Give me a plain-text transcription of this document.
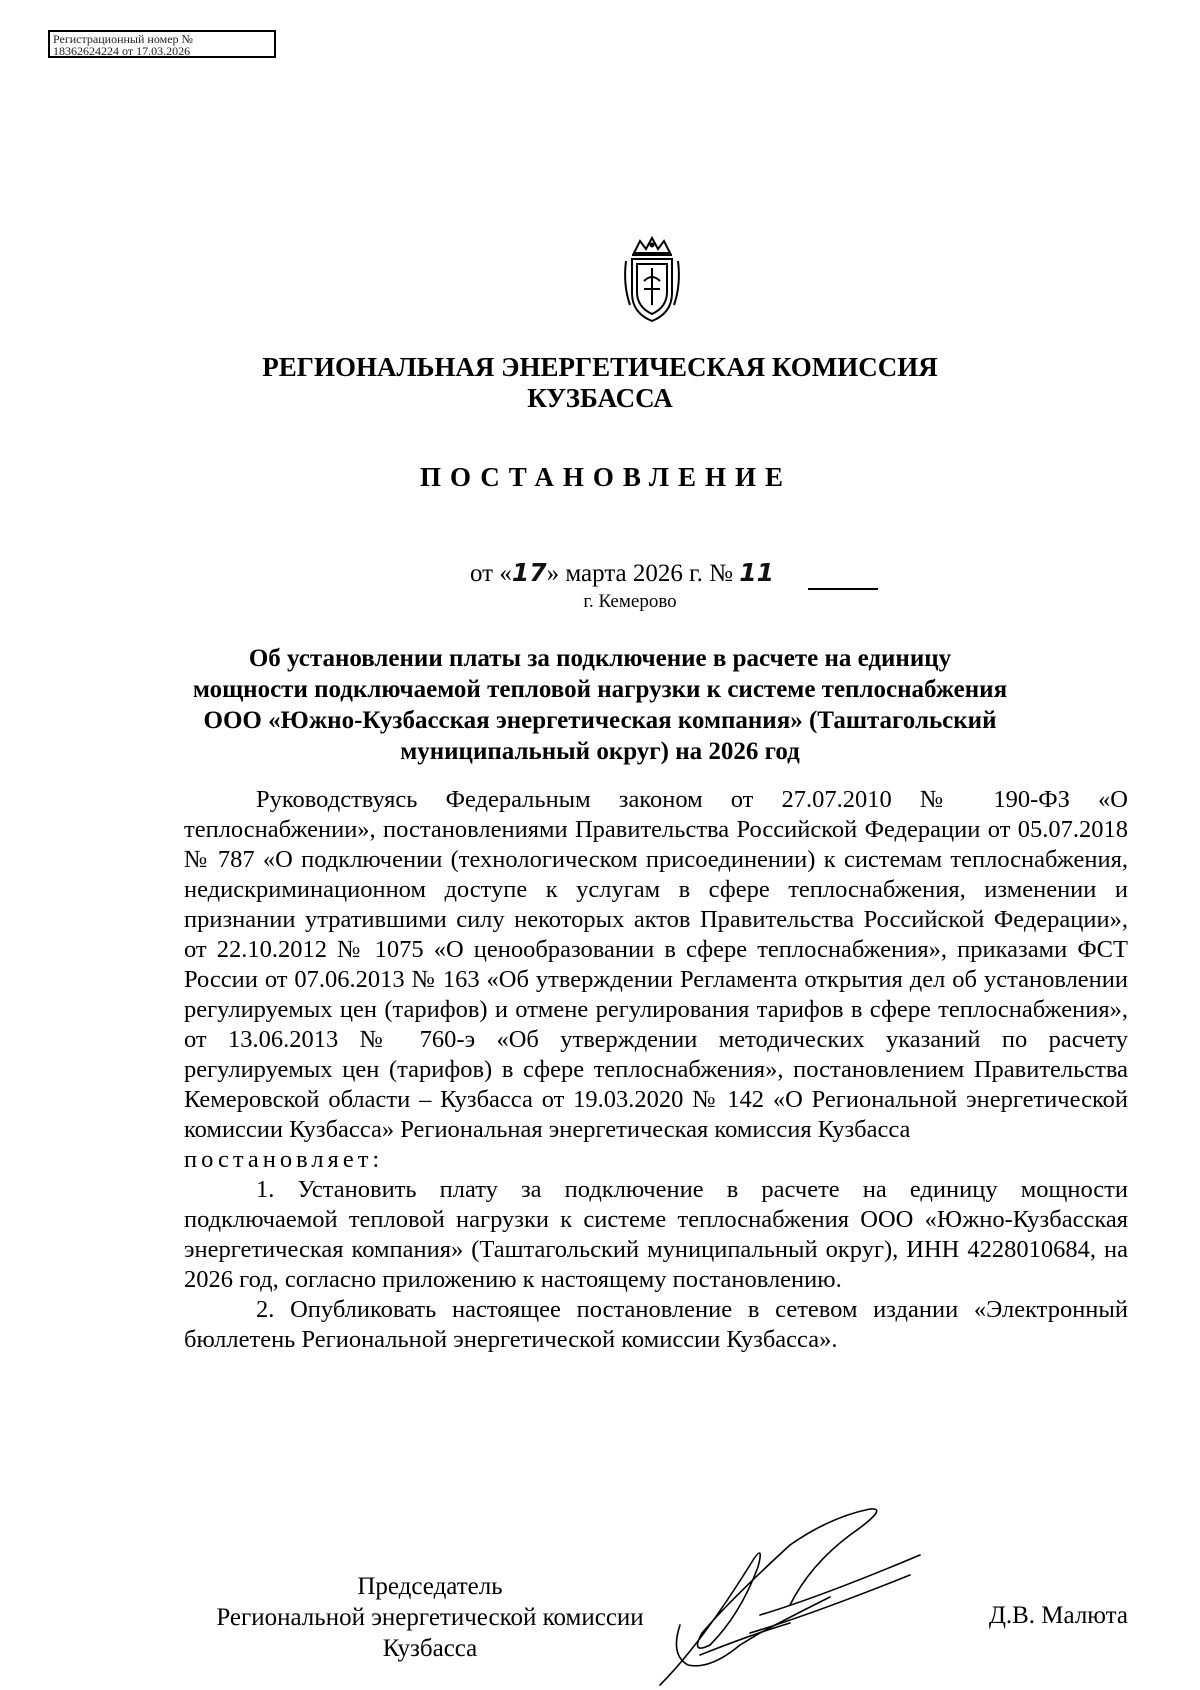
Регистрационный номер №
18362624224 от 17.03.2026
РЕГИОНАЛЬНАЯ ЭНЕРГЕТИЧЕСКАЯ КОМИССИЯ
КУЗБАССА
ПОСТАНОВЛЕНИЕ
от «17» марта 2026 г. № 11
г. Кемерово
Об установлении платы за подключение в расчете на единицу
мощности подключаемой тепловой нагрузки к системе теплоснабжения
ООО «Южно-Кузбасская энергетическая компания» (Таштагольский
муниципальный округ) на 2026 год

Руководствуясь Федеральным законом от 27.07.2010 № 190-ФЗ «О теплоснабжении», постановлениями Правительства Российской Федерации от 05.07.2018 № 787 «О подключении (технологическом присоединении) к системам теплоснабжения, недискриминационном доступе к услугам в сфере теплоснабжения, изменении и признании утратившими силу некоторых актов Правительства Российской Федерации», от 22.10.2012 № 1075 «О ценообразовании в сфере теплоснабжения», приказами ФСТ России от 07.06.2013 № 163 «Об утверждении Регламента открытия дел об установлении регулируемых цен (тарифов) и отмене регулирования тарифов в сфере теплоснабжения», от 13.06.2013 № 760-э «Об утверждении методических указаний по расчету регулируемых цен (тарифов) в сфере теплоснабжения», постановлением Правительства Кемеровской области – Кузбасса от 19.03.2020 № 142 «О Региональной энергетической комиссии Кузбасса» Региональная энергетическая комиссия Кузбасса

постановляет:

1. Установить плату за подключение в расчете на единицу мощности подключаемой тепловой нагрузки к системе теплоснабжения ООО «Южно-Кузбасская энергетическая компания» (Таштагольский муниципальный округ), ИНН 4228010684, на 2026 год, согласно приложению к настоящему постановлению.

2. Опубликовать настоящее постановление в сетевом издании «Электронный бюллетень Региональной энергетической комиссии Кузбасса».

Председатель
Региональной энергетической комиссии
Кузбасса
Д.В. Малюта
